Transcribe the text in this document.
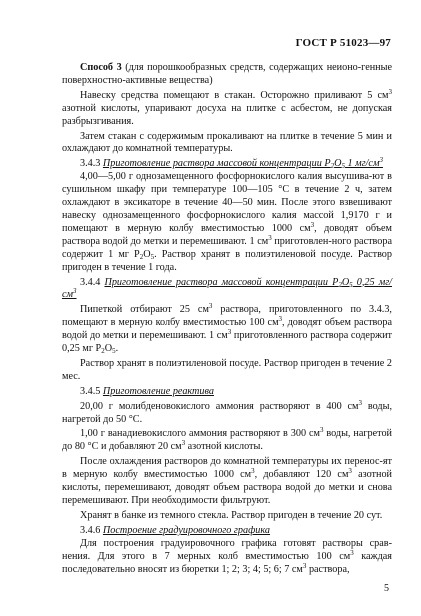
ГОСТ Р 51023—97

Способ 3 (для порошкообразных средств, содержащих неионо-генные поверхностно-активные вещества)

Навеску средства помещают в стакан. Осторожно приливают 5 $см^3$ азотной кислоты, упаривают досуха на плитке с асбестом, не допуская разбрызгивания.

Затем стакан с содержимым прокаливают на плитке в течение 5 мин и охлаждают до комнатной температуры.

3.4.3 Приготовление раствора массовой концентрации $P_2O_5$ 1 $мг/см^3$

4,00—5,00 г однозамещенного фосфорнокислого калия высушива-ют в сушильном шкафу при температуре 100—105 °С в течение 2 ч, затем охлаждают в эксикаторе в течение 40—50 мин. После этого взвешивают навеску однозамещенного фосфорнокислого калия массой 1,9170 г и помещают в мерную колбу вместимостью 1000 $см^3$, доводят объем раствора водой до метки и перемешивают. 1 $см^3$ приготовлен-ного раствора содержит 1 мг $P_2O_5$. Раствор хранят в полиэтиленовой посуде. Раствор пригоден в течение 1 года.

3.4.4 Приготовление раствора массовой концентрации $P_2O_5$ 0,25 $мг/см^3$

Пипеткой отбирают 25 $см^3$ раствора, приготовленного по 3.4.3, помещают в мерную колбу вместимостью 100 $см^3$, доводят объем раствора водой до метки и перемешивают. 1 $см^3$ приготовленного раствора содержит 0,25 мг $P_2O_5$.

Раствор хранят в полиэтиленовой посуде. Раствор пригоден в течение 2 мес.

3.4.5 Приготовление реактива

20,00 г молибденовокислого аммония растворяют в 400 $см^3$ воды, нагретой до 50 °С.

1,00 г ванадиевокислого аммония растворяют в 300 $см^3$ воды, нагретой до 80 °С и добавляют 20 $см^3$ азотной кислоты.

После охлаждения растворов до комнатной температуры их перенос-ят в мерную колбу вместимостью 1000 $см^3$, добавляют 120 $см^3$ азотной кислоты, перемешивают, доводят объем раствора водой до метки и снова перемешивают. При необходимости фильтруют.

Хранят в банке из темного стекла. Раствор пригоден в течение 20 сут.

3.4.6 Построение градуировочного графика

Для построения градуировочного графика готовят растворы срав-нения. Для этого в 7 мерных колб вместимостью 100 $см^3$ каждая последовательно вносят из бюретки 1; 2; 3; 4; 5; 6; 7 $см^3$ раствора,

5
